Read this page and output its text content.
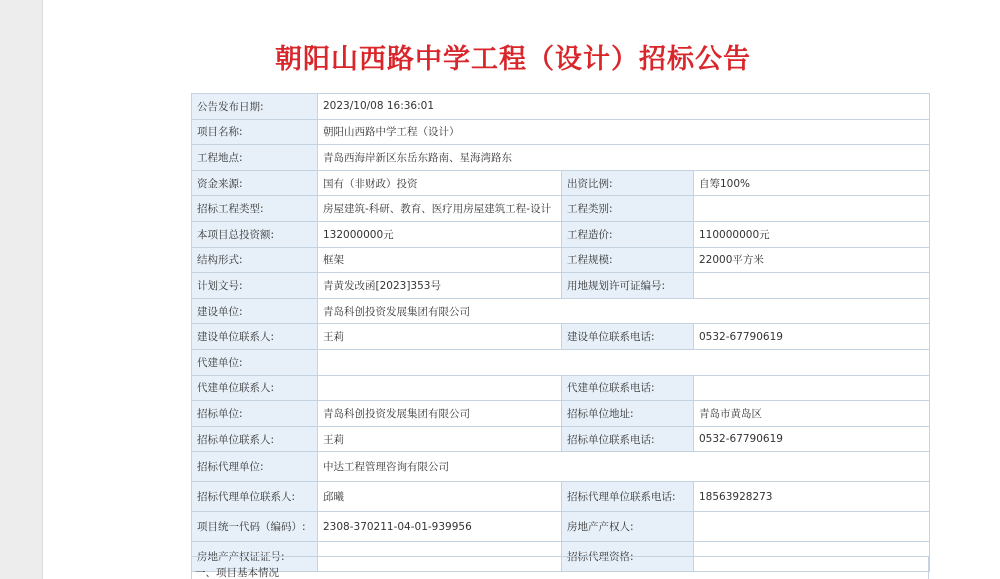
朝阳山西路中学工程（设计）招标公告
公告发布日期:	2023/10/08 16:36:01		
项目名称:	朝阳山西路中学工程（设计）		
工程地点:	青岛西海岸新区东岳东路南、星海湾路东		
资金来源:	国有（非财政）投资	出资比例:	自筹100%
招标工程类型:	房屋建筑-科研、教育、医疗用房屋建筑工程-设计	工程类别:	
本项目总投资额:	132000000元	工程造价:	110000000元
结构形式:	框架	工程规模:	22000平方米
计划文号:	青黄发改函[2023]353号	用地规划许可证编号:	
建设单位:	青岛科创投资发展集团有限公司		
建设单位联系人:	王莉	建设单位联系电话:	0532-67790619
代建单位:			
代建单位联系人:		代建单位联系电话:	
招标单位:	青岛科创投资发展集团有限公司	招标单位地址:	青岛市黄岛区
招标单位联系人:	王莉	招标单位联系电话:	0532-67790619
招标代理单位:	中达工程管理咨询有限公司		
招标代理单位联系人:	邱曦	招标代理单位联系电话:	18563928273
项目统一代码（编码）:	2308-370211-04-01-939956	房地产产权人:	
房地产产权证证号:		招标代理资格:	
一、项目基本情况
